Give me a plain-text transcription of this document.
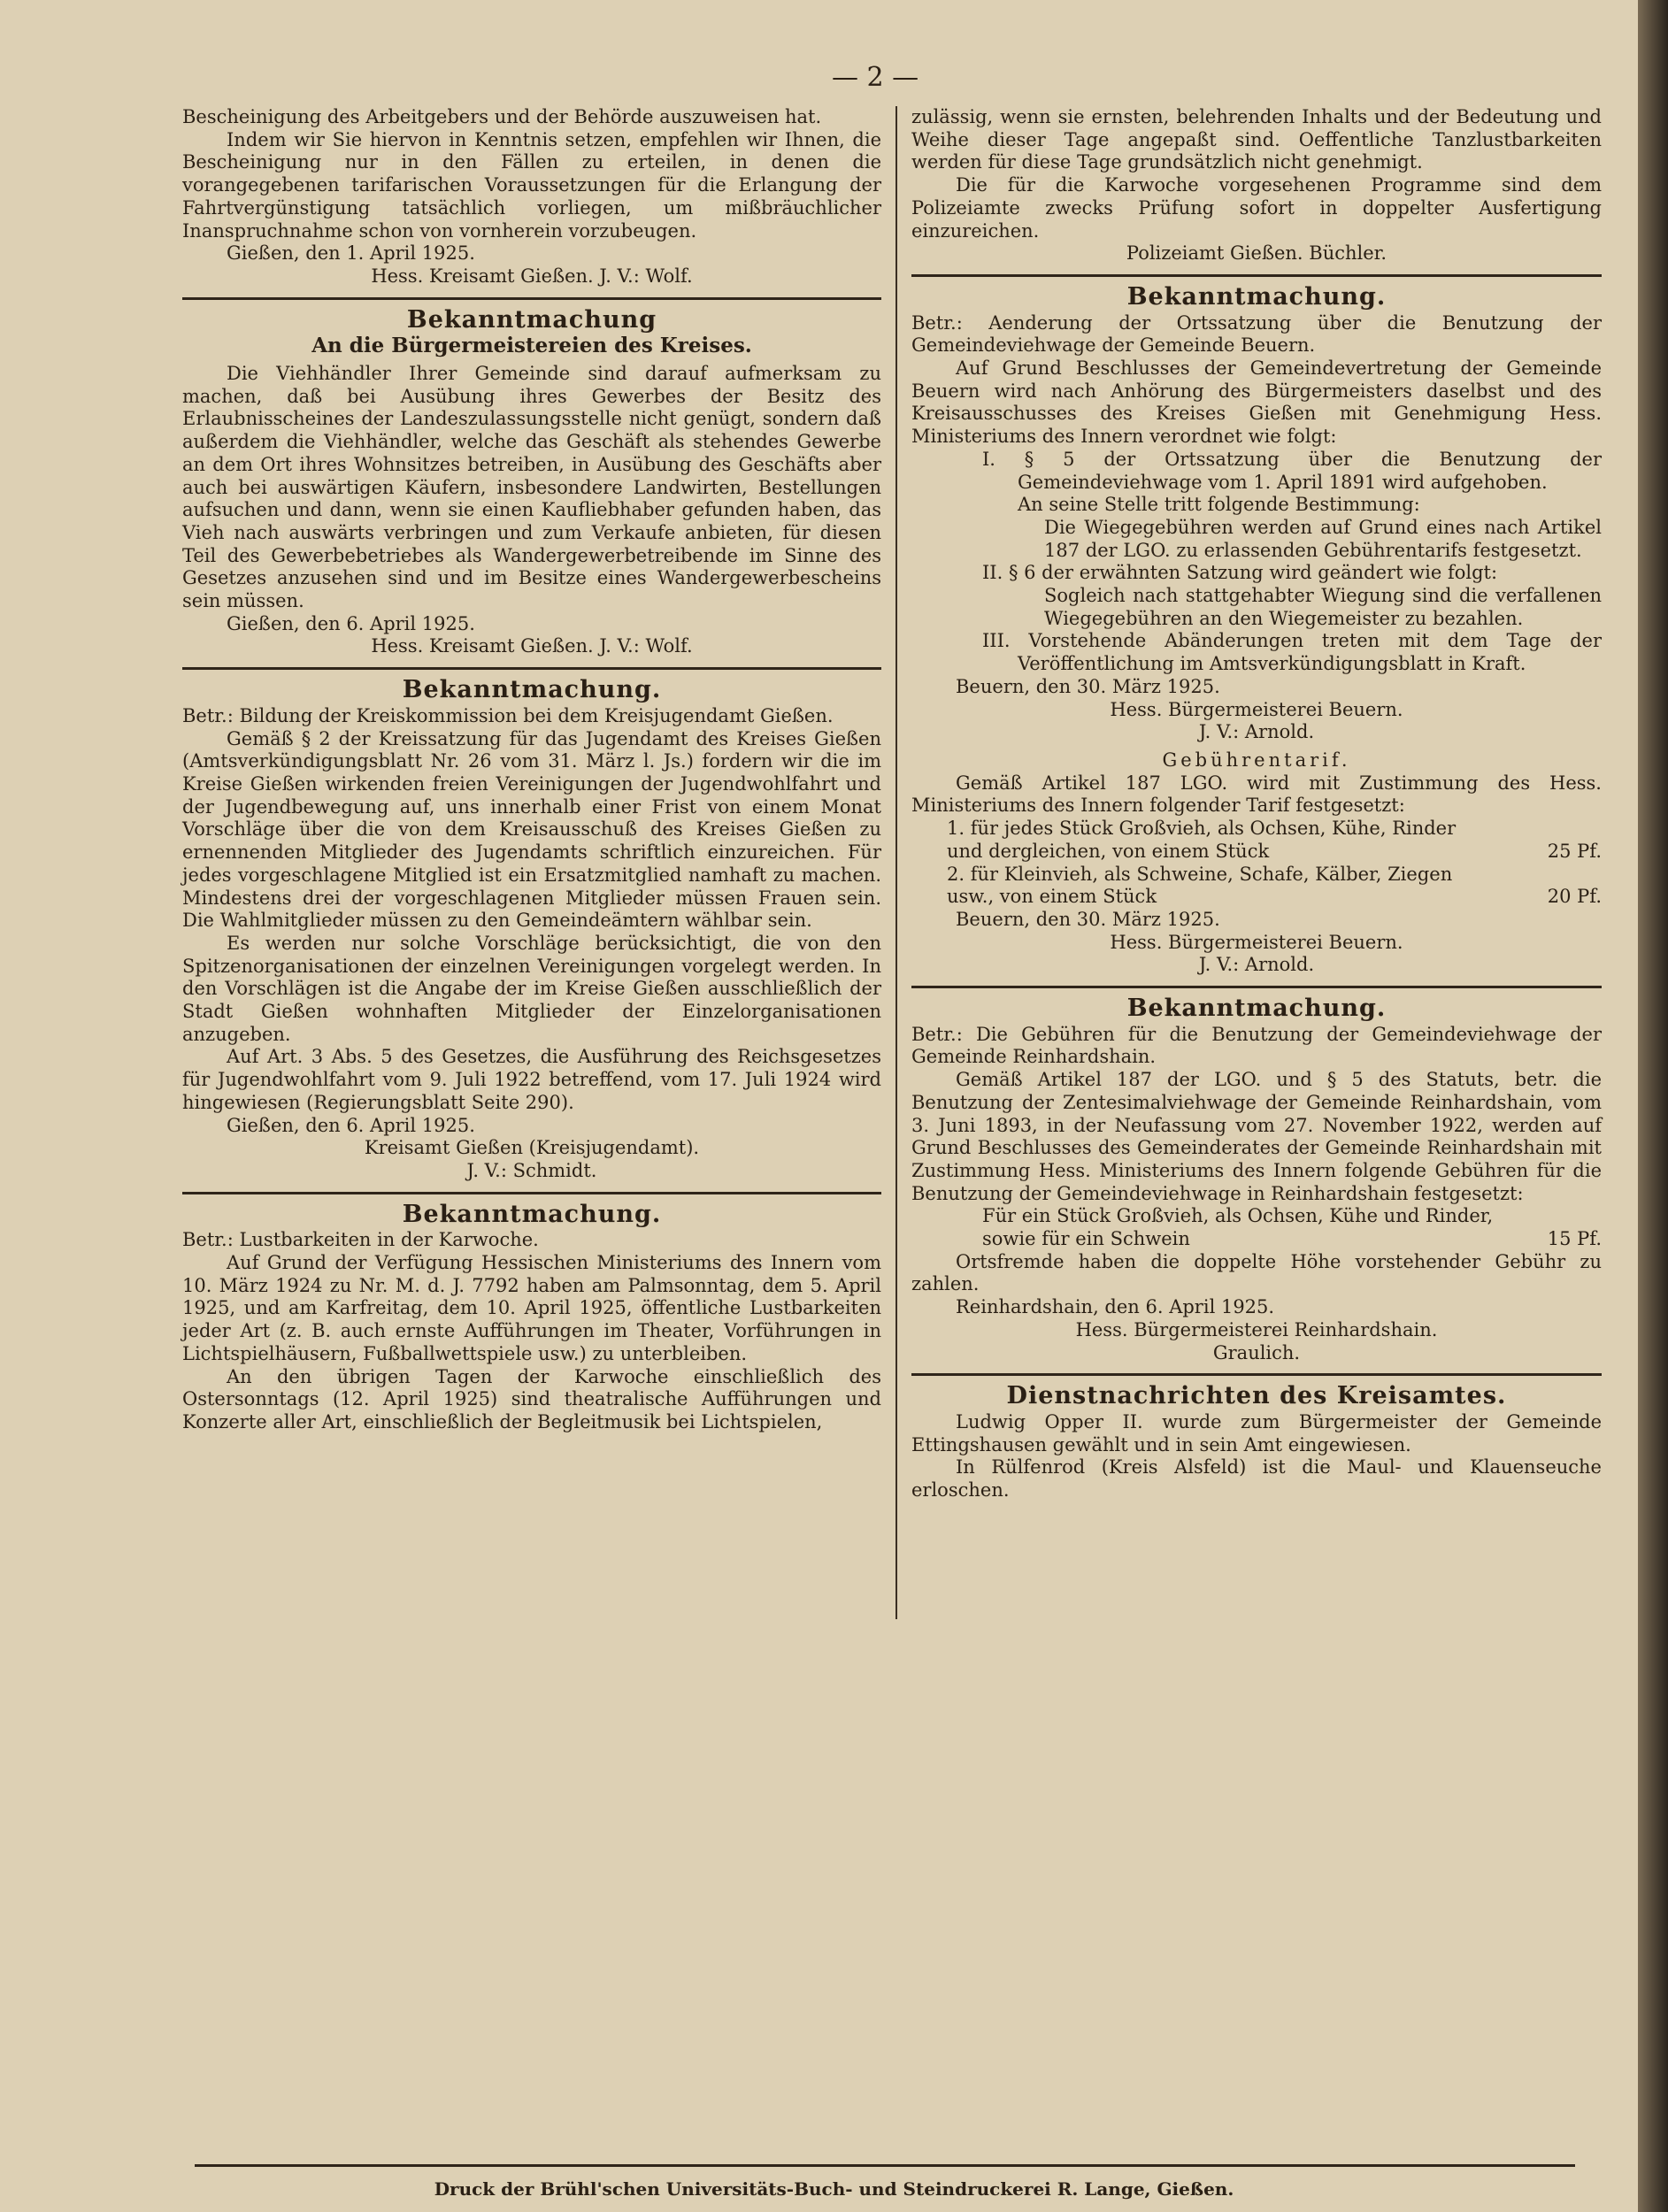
— 2 —

Bescheinigung des Arbeitgebers und der Behörde auszuweisen hat.

Indem wir Sie hiervon in Kenntnis setzen, empfehlen wir Ihnen, die Bescheinigung nur in den Fällen zu erteilen, in denen die vorangegebenen tarifarischen Voraussetzungen für die Erlangung der Fahrtvergünstigung tatsächlich vorliegen, um mißbräuchlicher Inanspruchnahme schon von vornherein vorzubeugen.

Gießen, den 1. April 1925.

Hess. Kreisamt Gießen. J. V.: Wolf.

Bekanntmachung
An die Bürgermeistereien des Kreises.

Die Viehhändler Ihrer Gemeinde sind darauf aufmerksam zu machen, daß bei Ausübung ihres Gewerbes der Besitz des Erlaubnisscheines der Landeszulassungsstelle nicht genügt, sondern daß außerdem die Viehhändler, welche das Geschäft als stehendes Gewerbe an dem Ort ihres Wohnsitzes betreiben, in Ausübung des Geschäfts aber auch bei auswärtigen Käufern, insbesondere Landwirten, Bestellungen aufsuchen und dann, wenn sie einen Kaufliebhaber gefunden haben, das Vieh nach auswärts verbringen und zum Verkaufe anbieten, für diesen Teil des Gewerbebetriebes als Wandergewerbetreibende im Sinne des Gesetzes anzusehen sind und im Besitze eines Wandergewerbescheins sein müssen.

Gießen, den 6. April 1925.

Hess. Kreisamt Gießen. J. V.: Wolf.

Bekanntmachung.

Betr.: Bildung der Kreiskommission bei dem Kreisjugendamt Gießen.

Gemäß § 2 der Kreissatzung für das Jugendamt des Kreises Gießen (Amtsverkündigungsblatt Nr. 26 vom 31. März l. Js.) fordern wir die im Kreise Gießen wirkenden freien Vereinigungen der Jugendwohlfahrt und der Jugendbewegung auf, uns innerhalb einer Frist von einem Monat Vorschläge über die von dem Kreisausschuß des Kreises Gießen zu ernennenden Mitglieder des Jugendamts schriftlich einzureichen. Für jedes vorgeschlagene Mitglied ist ein Ersatzmitglied namhaft zu machen. Mindestens drei der vorgeschlagenen Mitglieder müssen Frauen sein. Die Wahlmitglieder müssen zu den Gemeindeämtern wählbar sein.

Es werden nur solche Vorschläge berücksichtigt, die von den Spitzenorganisationen der einzelnen Vereinigungen vorgelegt werden. In den Vorschlägen ist die Angabe der im Kreise Gießen ausschließlich der Stadt Gießen wohnhaften Mitglieder der Einzelorganisationen anzugeben.

Auf Art. 3 Abs. 5 des Gesetzes, die Ausführung des Reichsgesetzes für Jugendwohlfahrt vom 9. Juli 1922 betreffend, vom 17. Juli 1924 wird hingewiesen (Regierungsblatt Seite 290).

Gießen, den 6. April 1925.

Kreisamt Gießen (Kreisjugendamt).

J. V.: Schmidt.

Bekanntmachung.

Betr.: Lustbarkeiten in der Karwoche.

Auf Grund der Verfügung Hessischen Ministeriums des Innern vom 10. März 1924 zu Nr. M. d. J. 7792 haben am Palmsonntag, dem 5. April 1925, und am Karfreitag, dem 10. April 1925, öffentliche Lustbarkeiten jeder Art (z. B. auch ernste Aufführungen im Theater, Vorführungen in Lichtspielhäusern, Fußballwettspiele usw.) zu unterbleiben.

An den übrigen Tagen der Karwoche einschließlich des Ostersonntags (12. April 1925) sind theatralische Aufführungen und Konzerte aller Art, einschließlich der Begleitmusik bei Lichtspielen,

zulässig, wenn sie ernsten, belehrenden Inhalts und der Bedeutung und Weihe dieser Tage angepaßt sind. Oeffentliche Tanzlustbarkeiten werden für diese Tage grundsätzlich nicht genehmigt.

Die für die Karwoche vorgesehenen Programme sind dem Polizeiamte zwecks Prüfung sofort in doppelter Ausfertigung einzureichen.

Polizeiamt Gießen. Büchler.

Bekanntmachung.

Betr.: Aenderung der Ortssatzung über die Benutzung der Gemeindeviehwage der Gemeinde Beuern.

Auf Grund Beschlusses der Gemeindevertretung der Gemeinde Beuern wird nach Anhörung des Bürgermeisters daselbst und des Kreisausschusses des Kreises Gießen mit Genehmigung Hess. Ministeriums des Innern verordnet wie folgt:

I. § 5 der Ortssatzung über die Benutzung der Gemeindeviehwage vom 1. April 1891 wird aufgehoben.

An seine Stelle tritt folgende Bestimmung:

Die Wiegegebühren werden auf Grund eines nach Artikel 187 der LGO. zu erlassenden Gebührentarifs festgesetzt.

II. § 6 der erwähnten Satzung wird geändert wie folgt:

Sogleich nach stattgehabter Wiegung sind die verfallenen Wiegegebühren an den Wiegemeister zu bezahlen.

III. Vorstehende Abänderungen treten mit dem Tage der Veröffentlichung im Amtsverkündigungsblatt in Kraft.

Beuern, den 30. März 1925.

Hess. Bürgermeisterei Beuern.

J. V.: Arnold.

Gebührentarif.

Gemäß Artikel 187 LGO. wird mit Zustimmung des Hess. Ministeriums des Innern folgender Tarif festgesetzt:

1. für jedes Stück Großvieh, als Ochsen, Kühe, Rinder und dergleichen, von einem Stück	25 Pf.
2. für Kleinvieh, als Schweine, Schafe, Kälber, Ziegen usw., von einem Stück	20 Pf.

Beuern, den 30. März 1925.

Hess. Bürgermeisterei Beuern.

J. V.: Arnold.

Bekanntmachung.

Betr.: Die Gebühren für die Benutzung der Gemeindeviehwage der Gemeinde Reinhardshain.

Gemäß Artikel 187 der LGO. und § 5 des Statuts, betr. die Benutzung der Zentesimalviehwage der Gemeinde Reinhardshain, vom 3. Juni 1893, in der Neufassung vom 27. November 1922, werden auf Grund Beschlusses des Gemeinderates der Gemeinde Reinhardshain mit Zustimmung Hess. Ministeriums des Innern folgende Gebühren für die Benutzung der Gemeindeviehwage in Reinhardshain festgesetzt:

Für ein Stück Großvieh, als Ochsen, Kühe und Rinder, sowie für ein Schwein	15 Pf.

Ortsfremde haben die doppelte Höhe vorstehender Gebühr zu zahlen.

Reinhardshain, den 6. April 1925.

Hess. Bürgermeisterei Reinhardshain.

Graulich.

Dienstnachrichten des Kreisamtes.

Ludwig Opper II. wurde zum Bürgermeister der Gemeinde Ettingshausen gewählt und in sein Amt eingewiesen.

In Rülfenrod (Kreis Alsfeld) ist die Maul- und Klauenseuche erloschen.

Druck der Brühl'schen Universitäts-Buch- und Steindruckerei R. Lange, Gießen.
